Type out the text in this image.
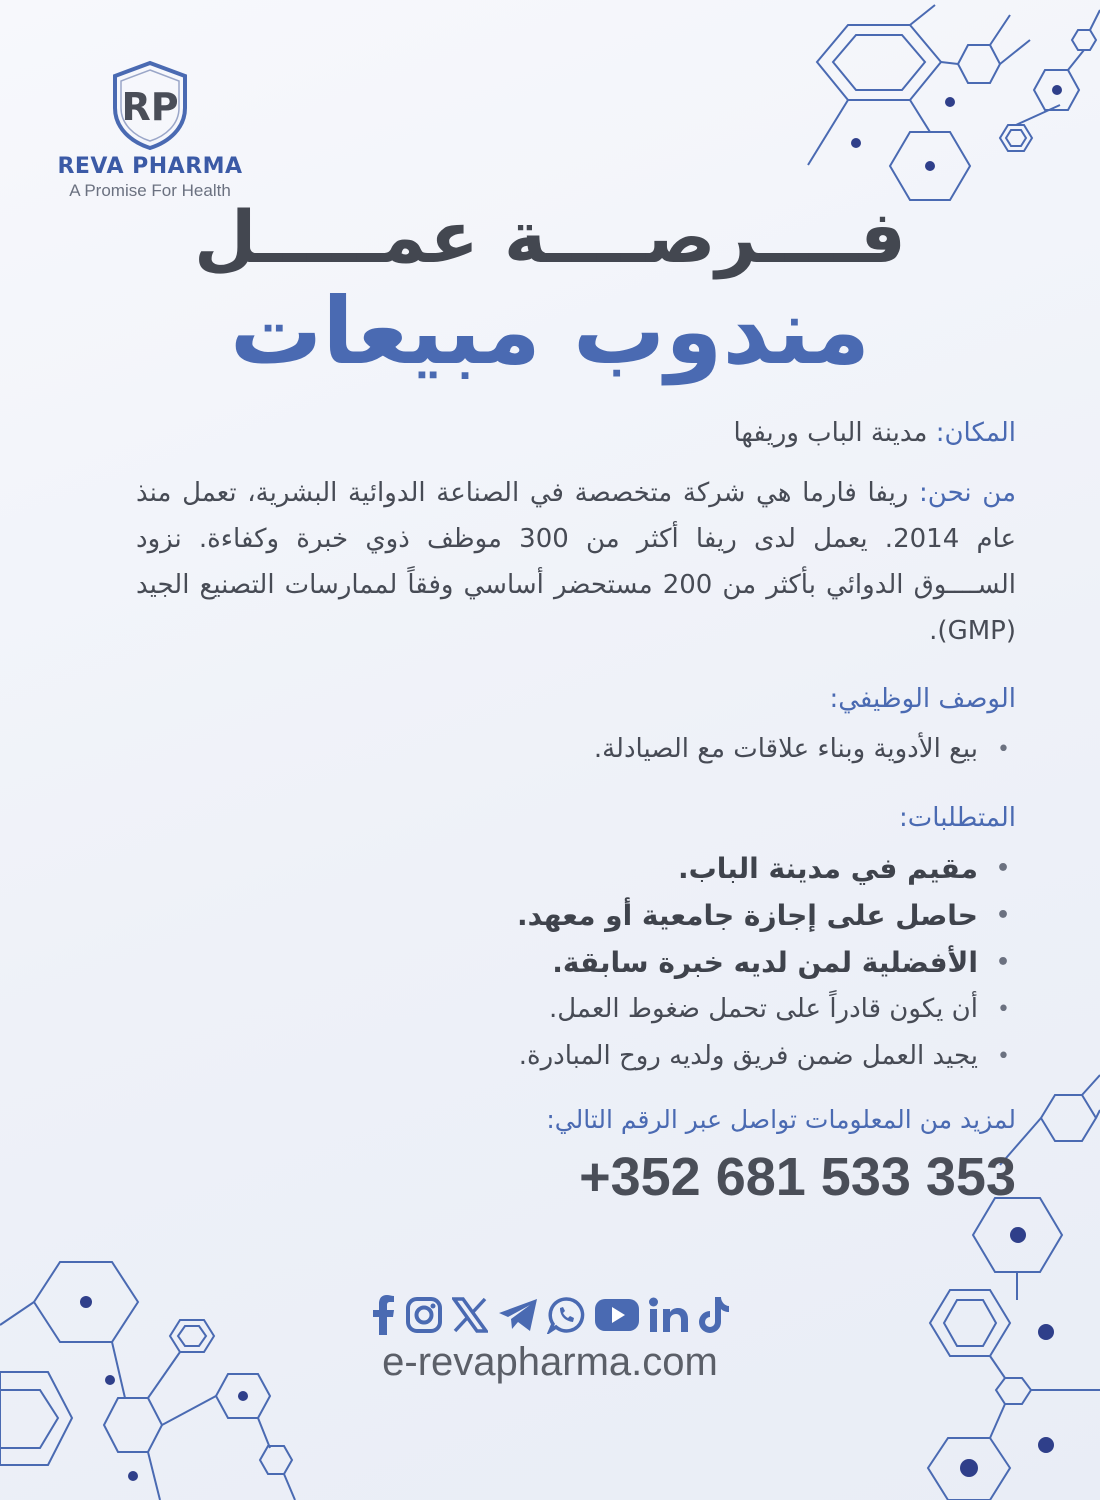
RP
REVA PHARMA
A Promise For Health
فــــرصــــة عمـــــل
مندوب مبيعات
المكان: مدينة الباب وريفها
من نحن: ريفا فارما هي شركة متخصصة في الصناعة الدوائية البشرية، تعمل منذ عام 2014. يعمل لدى ريفا أكثر من 300 موظف ذوي خبرة وكفاءة. نزود الســــوق الدوائي بأكثر من 200 مستحضر أساسي وفقاً لممارسات التصنيع الجيد (GMP).
الوصف الوظيفي:
•
بيع الأدوية وبناء علاقات مع الصيادلة.
المتطلبات:
•
مقيم في مدينة الباب.
•
حاصل على إجازة جامعية أو معهد.
•
الأفضلية لمن لديه خبرة سابقة.
•
أن يكون قادراً على تحمل ضغوط العمل.
•
يجيد العمل ضمن فريق ولديه روح المبادرة.
لمزيد من المعلومات تواصل عبر الرقم التالي:
+352 681 533 353
e-revapharma.com
